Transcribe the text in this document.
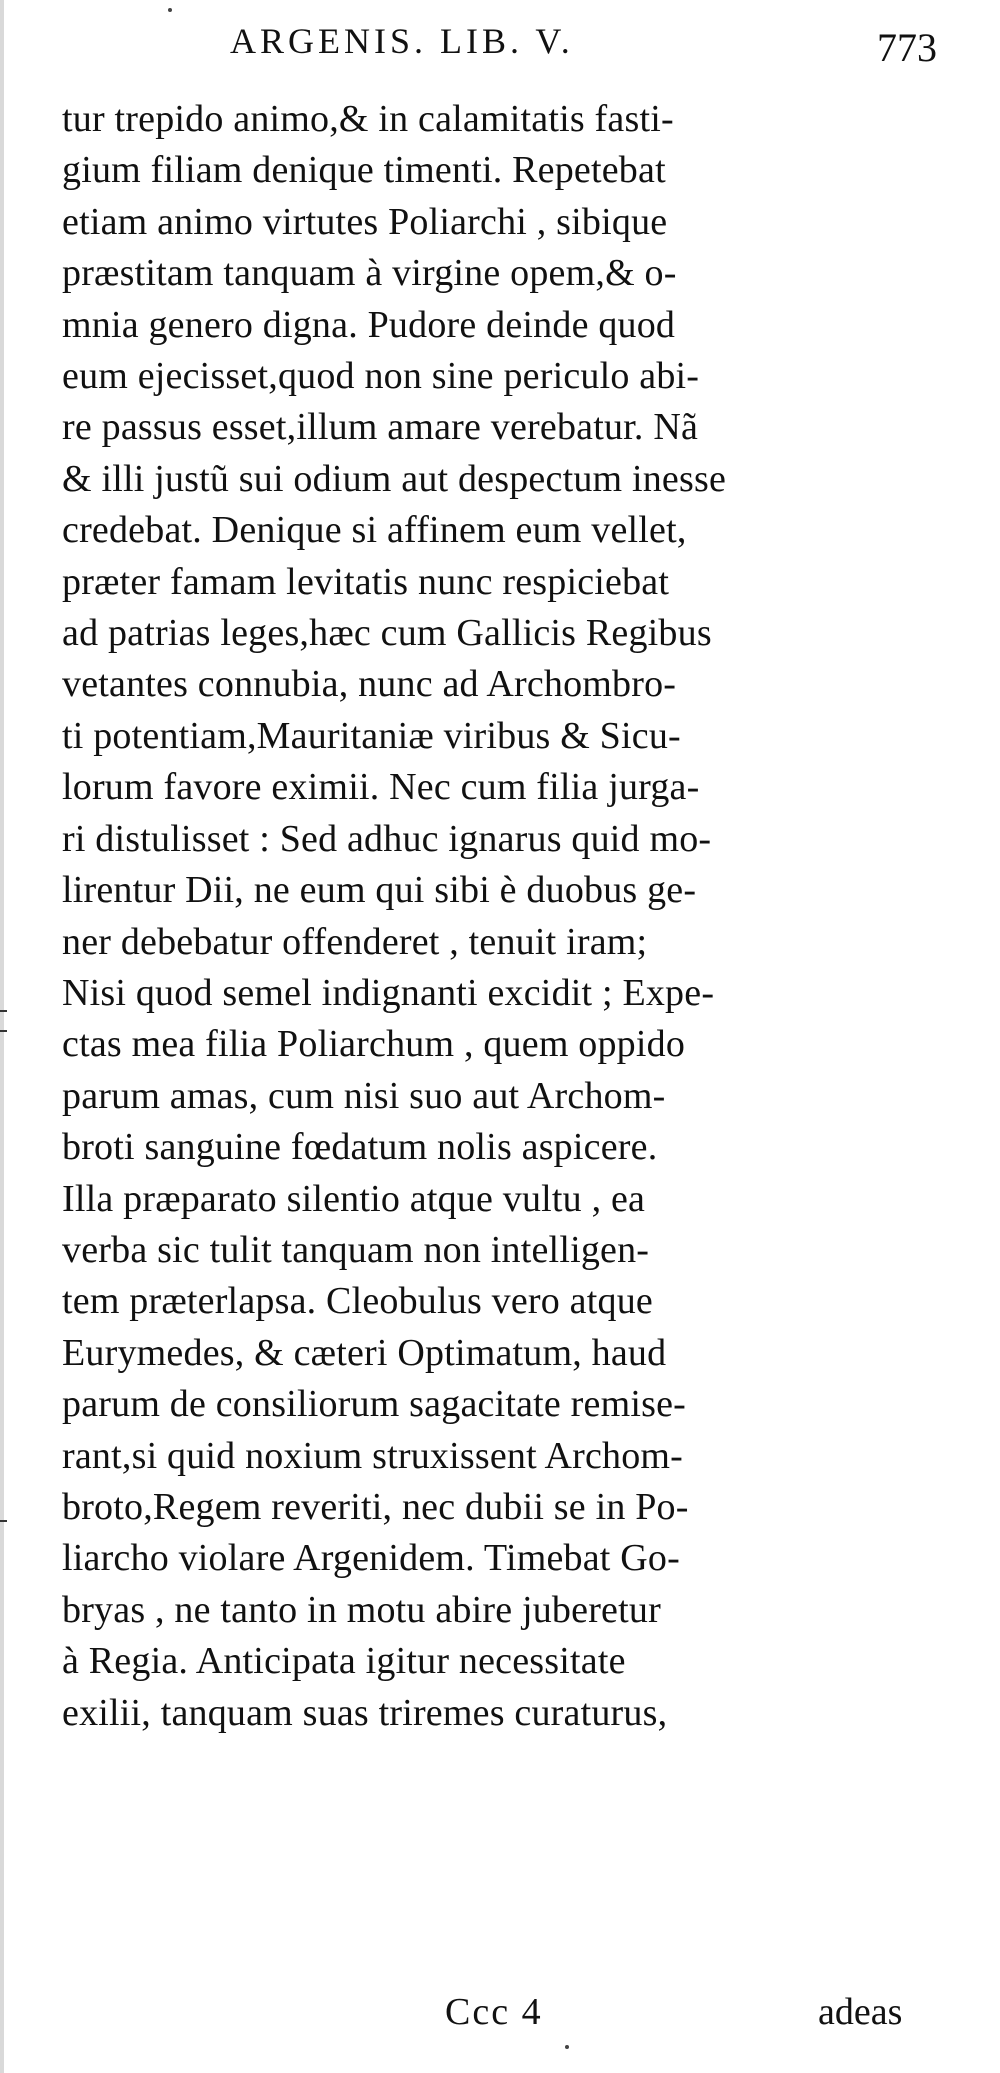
ARGENIS. LIB. V.	773
tur trepido animo,& in calamitatis fasti-
gium filiam denique timenti. Repetebat
etiam animo virtutes Poliarchi , sibique
præstitam tanquam à virgine opem,& o-
mnia genero digna. Pudore deinde quod
eum ejecisset,quod non sine periculo abi-
re passus esset,illum amare verebatur. Nã
& illi justũ sui odium aut despectum inesse
credebat. Denique si affinem eum vellet,
præter famam levitatis nunc respiciebat
ad patrias leges,hæc cum Gallicis Regibus
vetantes connubia, nunc ad Archombro-
ti potentiam,Mauritaniæ viribus & Sicu-
lorum favore eximii. Nec cum filia jurga-
ri distulisset : Sed adhuc ignarus quid mo-
lirentur Dii, ne eum qui sibi è duobus ge-
ner debebatur offenderet , tenuit iram;
Nisi quod semel indignanti excidit ; Expe-
ctas mea filia Poliarchum , quem oppido
parum amas, cum nisi suo aut Archom-
broti sanguine fœdatum nolis aspicere.
Illa præparato silentio atque vultu , ea
verba sic tulit tanquam non intelligen-
tem præterlapsa. Cleobulus vero atque
Eurymedes, & cæteri Optimatum, haud
parum de consiliorum sagacitate remise-
rant,si quid noxium struxissent Archom-
broto,Regem reveriti, nec dubii se in Po-
liarcho violare Argenidem. Timebat Go-
bryas , ne tanto in motu abire juberetur
à Regia. Anticipata igitur necessitate
exilii, tanquam suas triremes curaturus,
Ccc 4	adeas
